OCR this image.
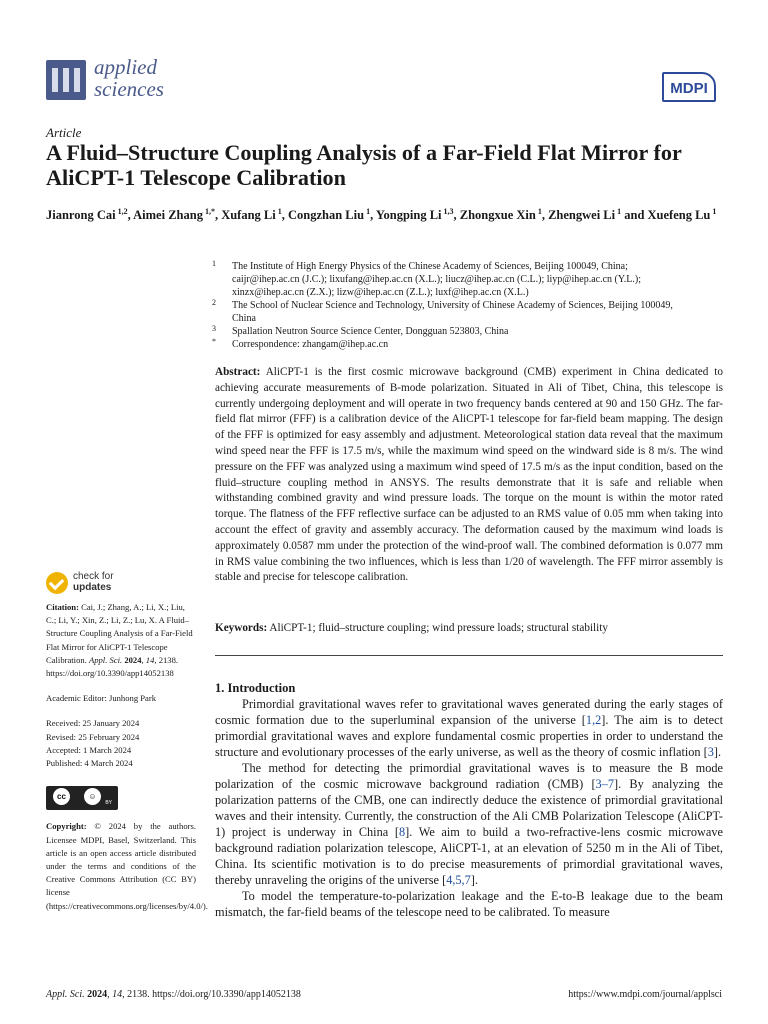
applied
sciences	MDPI
Article
A Fluid–Structure Coupling Analysis of a Far-Field Flat Mirror for AliCPT-1 Telescope Calibration
Jianrong Cai $^{1,2}$, Aimei Zhang $^{1,*}$, Xufang Li $^1$, Congzhan Liu $^1$, Yongping Li $^{1,3}$, Zhongxue Xin $^1$, Zhengwei Li $^1$ and Xuefeng Lu $^1$
1 The Institute of High Energy Physics of the Chinese Academy of Sciences, Beijing 100049, China; caijr@ihep.ac.cn (J.C.); lixufang@ihep.ac.cn (X.L.); liucz@ihep.ac.cn (C.L.); liyp@ihep.ac.cn (Y.L.); xinzx@ihep.ac.cn (Z.X.); lizw@ihep.ac.cn (Z.L.); luxf@ihep.ac.cn (X.L.)
2 The School of Nuclear Science and Technology, University of Chinese Academy of Sciences, Beijing 100049, China
3 Spallation Neutron Source Science Center, Dongguan 523803, China
* Correspondence: zhangam@ihep.ac.cn
Abstract: AliCPT-1 is the first cosmic microwave background (CMB) experiment in China dedicated to achieving accurate measurements of B-mode polarization. Situated in Ali of Tibet, China, this telescope is currently undergoing deployment and will operate in two frequency bands centered at 90 and 150 GHz. The far-field flat mirror (FFF) is a calibration device of the AliCPT-1 telescope for far-field beam mapping. The design of the FFF is optimized for easy assembly and adjustment. Meteorological station data reveal that the maximum wind speed near the FFF is 17.5 m/s, while the maximum wind speed on the windward side is 8 m/s. The wind pressure on the FFF was analyzed using a maximum wind speed of 17.5 m/s as the input condition, based on the fluid–structure coupling method in ANSYS. The results demonstrate that it is safe and reliable when withstanding combined gravity and wind pressure loads. The torque on the mount is within the motor rated torque. The flatness of the FFF reflective surface can be adjusted to an RMS value of 0.05 mm when taking into account the effect of gravity and assembly accuracy. The deformation caused by the maximum wind loads is approximately 0.0587 mm under the protection of the wind-proof wall. The combined deformation is 0.077 mm in RMS value combining the two influences, which is less than 1/20 of wavelength. The FFF mirror assembly is stable and precise for telescope calibration.
Keywords: AliCPT-1; fluid–structure coupling; wind pressure loads; structural stability
check for
updates

Citation: Cai, J.; Zhang, A.; Li, X.; Liu, C.; Li, Y.; Xin, Z.; Li, Z.; Lu, X. A Fluid–Structure Coupling Analysis of a Far-Field Flat Mirror for AliCPT-1 Telescope Calibration. Appl. Sci. 2024, 14, 2138. https://doi.org/10.3390/app14052138

Academic Editor: Junhong Park

Received: 25 January 2024

Revised: 25 February 2024

Accepted: 1 March 2024

Published: 4 March 2024

cc	☺
BY

Copyright: © 2024 by the authors. Licensee MDPI, Basel, Switzerland. This article is an open access article distributed under the terms and conditions of the Creative Commons Attribution (CC BY) license (https://creativecommons.org/licenses/by/4.0/).

1. Introduction

Primordial gravitational waves refer to gravitational waves generated during the early stages of cosmic formation due to the superluminal expansion of the universe [1,2]. The aim is to detect primordial gravitational waves and explore fundamental cosmic properties in order to understand the structure and evolutionary processes of the early universe, as well as the theory of cosmic inflation [3].

The method for detecting the primordial gravitational waves is to measure the B mode polarization of the cosmic microwave background radiation (CMB) [3–7]. By analyzing the polarization patterns of the CMB, one can indirectly deduce the existence of primordial gravitational waves and their intensity. Currently, the construction of the Ali CMB Polarization Telescope (AliCPT-1) project is underway in China [8]. We aim to build a two-refractive-lens cosmic microwave background radiation polarization telescope, AliCPT-1, at an elevation of 5250 m in the Ali of Tibet, China. Its scientific motivation is to do precise measurements of primordial gravitational waves, thereby unraveling the origins of the universe [4,5,7].

To model the temperature-to-polarization leakage and the E-to-B leakage due to the beam mismatch, the far-field beams of the telescope need to be calibrated. To measure

Appl. Sci. 2024, 14, 2138. https://doi.org/10.3390/app14052138	https://www.mdpi.com/journal/applsci
